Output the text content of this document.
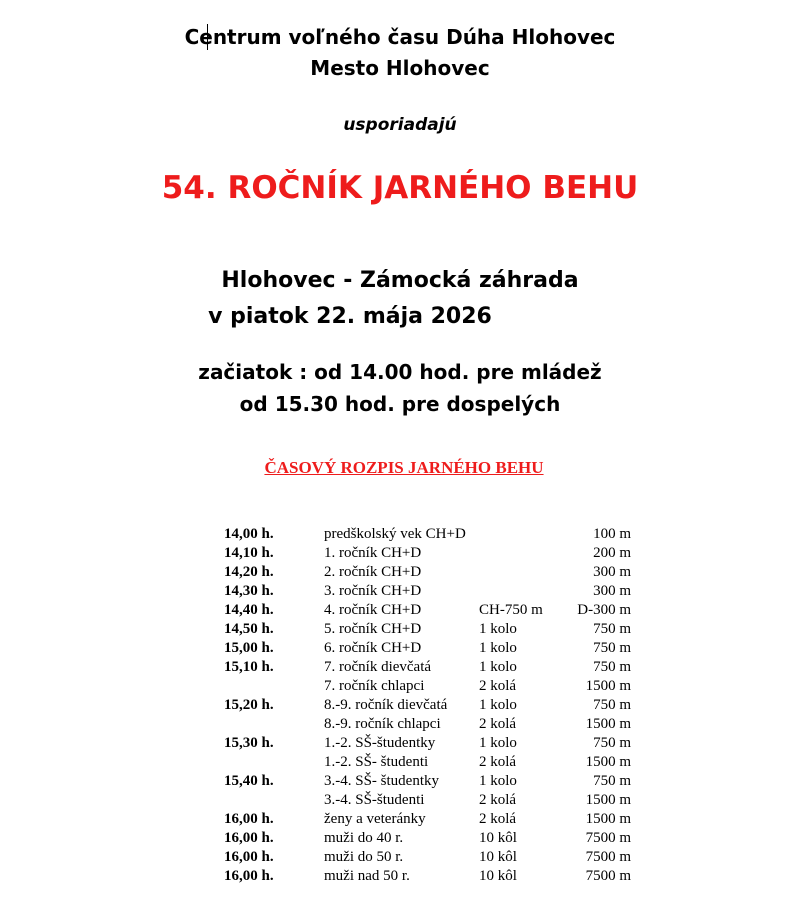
Centrum voľného času Dúha Hlohovec
Mesto Hlohovec
usporiadajú
54. ROČNÍK JARNÉHO BEHU
Hlohovec - Zámocká záhrada
v piatok 22. mája 2026
začiatok : od 14.00 hod. pre mládež
od 15.30 hod. pre dospelých
ČASOVÝ ROZPIS JARNÉHO BEHU
14,00 h.	predškolský vek CH+D		100 m
14,10 h.	1. ročník CH+D		200 m
14,20 h.	2. ročník CH+D		300 m
14,30 h.	3. ročník CH+D		300 m
14,40 h.	4. ročník CH+D	CH-750 m	D-300 m
14,50 h.	5. ročník CH+D	1 kolo	750 m
15,00 h.	6. ročník CH+D	1 kolo	750 m
15,10 h.	7. ročník dievčatá	1 kolo	750 m
	7. ročník chlapci	2 kolá	1500 m
15,20 h.	8.-9. ročník dievčatá	1 kolo	750 m
	8.-9. ročník chlapci	2 kolá	1500 m
15,30 h.	1.-2. SŠ-študentky	1 kolo	750 m
	1.-2. SŠ- študenti	2 kolá	1500 m
15,40 h.	3.-4. SŠ- študentky	1 kolo	750 m
	3.-4. SŠ-študenti	2 kolá	1500 m
16,00 h.	ženy a veteránky	2 kolá	1500 m
16,00 h.	muži do 40 r.	10 kôl	7500 m
16,00 h.	muži do 50 r.	10 kôl	7500 m
16,00 h.	muži nad 50 r.	10 kôl	7500 m
